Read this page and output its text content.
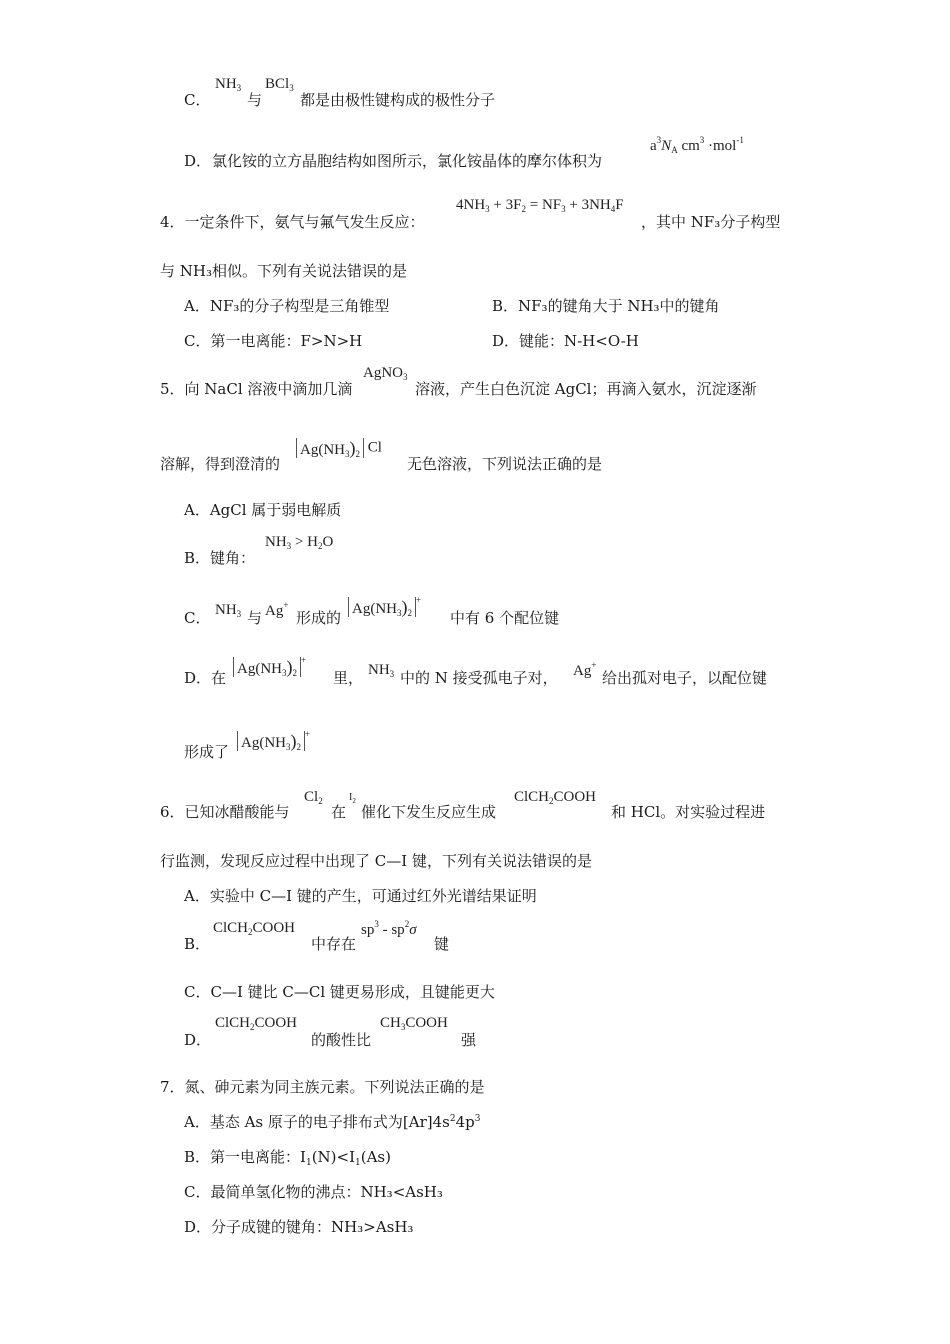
C．
$NH_3$
与
BCl$_3$
都是由极性键构成的极性分子
D． 氯化铵的立方晶胞结构如图所示，氯化铵晶体的摩尔体积为
$a^3N_A$ $cm^3 \cdot mol^{-1}$
4．一定条件下，氨气与氟气发生反应：
$4NH_3 + 3F_2 = NF_3 + 3NH_4F$
，其中 NF₃分子构型
与 NH₃相似。下列有关说法错误的是
A．NF₃的分子构型是三角锥型	B．NF₃的键角大于 NH₃中的键角
C．第一电离能：F>N>H	D．键能：N-H<O-H
5．向 NaCl 溶液中滴加几滴
AgNO$_3$
溶液，产生白色沉淀 AgCl；再滴入氨水，沉淀逐渐
溶解，得到澄清的
$Ag(NH_3)_2$ Cl
无色溶液，下列说法正确的是
A．AgCl 属于弱电解质
B．键角：
$NH_3 > H_2O$
C． $NH_3$ 与 Ag+
形成的 $Ag(NH_3)_2^+$
中有 6 个配位键
D．在 $Ag(NH_3)_2^+$
里， $NH_3$ 中的 N 接受孤电子对， Ag+
给出孤对电子，以配位键
形成了 $Ag(NH_3)_2^+$
6．已知冰醋酸能与
$Cl_2$
在
$I_2$
催化下发生反应生成
ClCH$_2$COOH
和 HCl。对实验过程进
行监测，发现反应过程中出现了 C—I 键，下列有关说法错误的是
A．实验中 C—I 键的产生，可通过红外光谱结果证明
B．
ClCH$_2$COOH
中存在
$sp^3 - sp^2\sigma$
键
C．C—I 键比 C—Cl 键更易形成，且键能更大
D．
ClCH$_2$COOH
的酸性比
$CH_3COOH$
强
7．氮、砷元素为同主族元素。下列说法正确的是
A．基态 As 原子的电子排布式为$[Ar]4s^24p^3$
B．第一电离能：$I_1(N)<I_1(As)$
C．最简单氢化物的沸点：NH₃<AsH₃
D．分子成键的键角：NH₃>AsH₃
